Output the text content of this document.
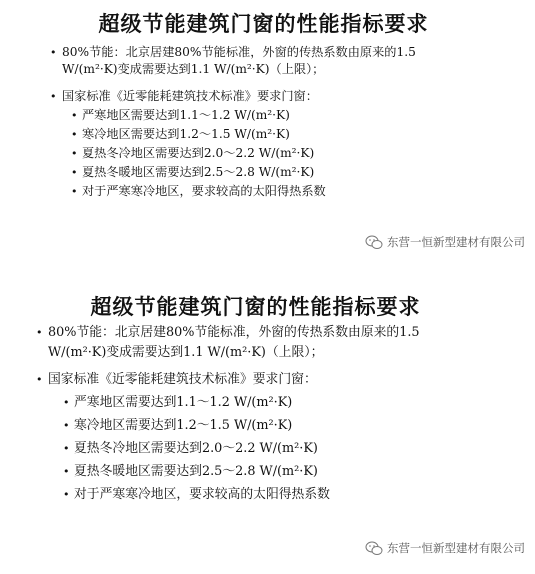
超级节能建筑门窗的性能指标要求
• 80%节能：北京居建80%节能标准，外窗的传热系数由原来的1.5
W/(m²·K)变成需要达到1.1 W/(m²·K)（上限）；
• 国家标准《近零能耗建筑技术标准》要求门窗：
• 严寒地区需要达到1.1～1.2 W/(m²·K)
• 寒冷地区需要达到1.2～1.5 W/(m²·K)
• 夏热冬冷地区需要达到2.0～2.2 W/(m²·K)
• 夏热冬暖地区需要达到2.5～2.8 W/(m²·K)
• 对于严寒寒冷地区，要求较高的太阳得热系数
东营一恒新型建材有限公司
超级节能建筑门窗的性能指标要求
• 80%节能：北京居建80%节能标准，外窗的传热系数由原来的1.5
W/(m²·K)变成需要达到1.1 W/(m²·K)（上限）；
• 国家标准《近零能耗建筑技术标准》要求门窗：
• 严寒地区需要达到1.1～1.2 W/(m²·K)
• 寒冷地区需要达到1.2～1.5 W/(m²·K)
• 夏热冬冷地区需要达到2.0～2.2 W/(m²·K)
• 夏热冬暖地区需要达到2.5～2.8 W/(m²·K)
• 对于严寒寒冷地区，要求较高的太阳得热系数
东营一恒新型建材有限公司
